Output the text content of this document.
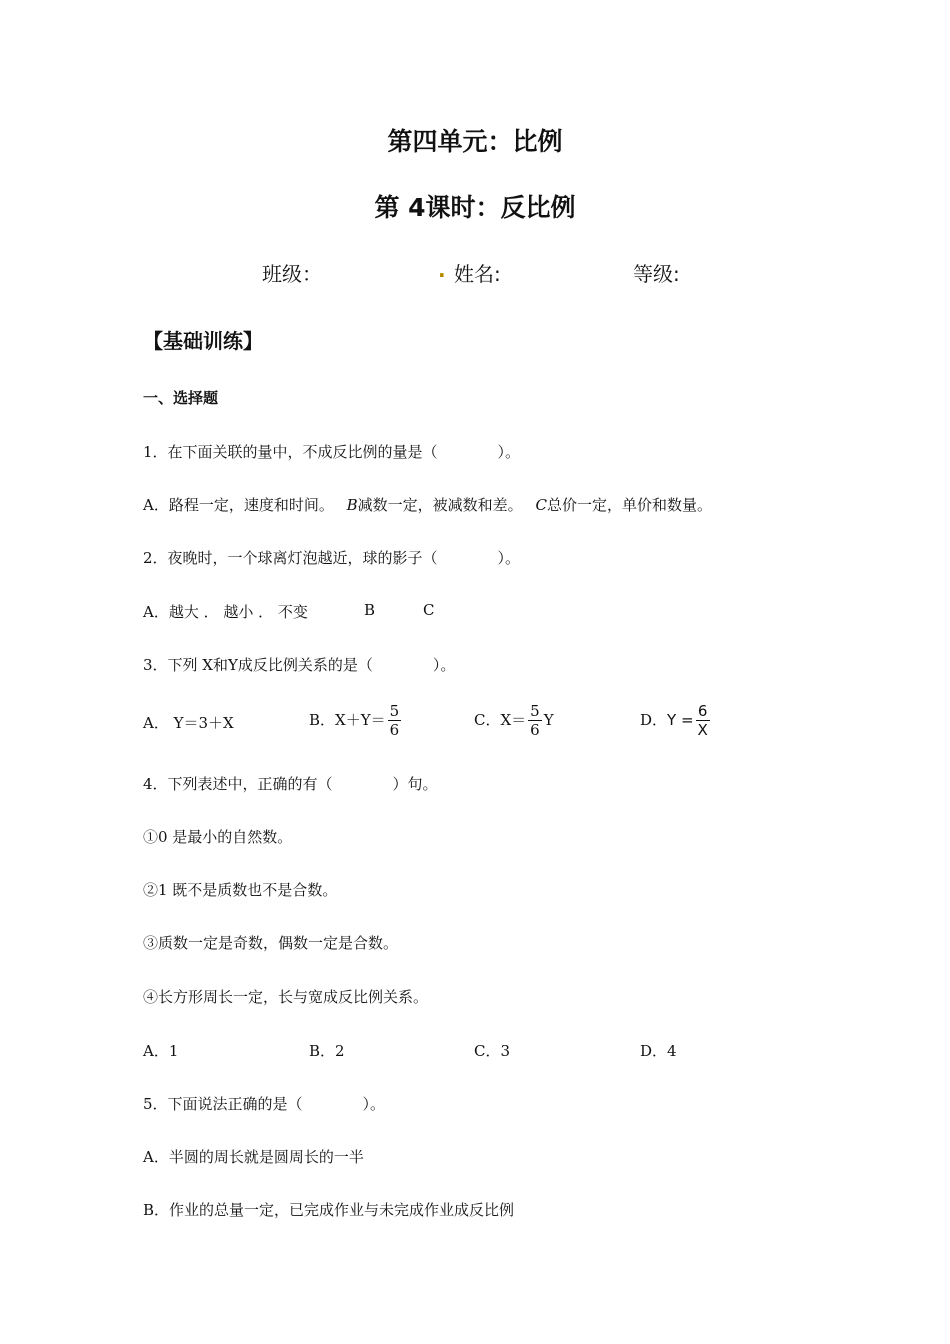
第四单元：比例
第 4课时：反比例
班级：	. 姓名:	等级:
【基础训练】
一、选择题
1．在下面关联的量中，不成反比例的量是（　　　　）。
A．路程一定，速度和时间。 B减数一定，被减数和差。 C总价一定，单价和数量。
2．夜晚时，一个球离灯泡越近，球的影子（　　　　）。
A．越大 ． 越小 ． 不变	B	C
3．下列 X和Y成反比例关系的是（　　　　）。
A． Y＝3＋X	B．$X+Y= \frac{5}{6}$	C．$X= \frac{5}{6}$ Y	D．$Y = \frac{6}{X}$
4．下列表述中，正确的有（　　　　）句。
①0 是最小的自然数。
②1 既不是质数也不是合数。
③质数一定是奇数，偶数一定是合数。
④长方形周长一定，长与宽成反比例关系。
A．1	B．2	C．3	D．4
5．下面说法正确的是（　　　　）。
A．半圆的周长就是圆周长的一半
B．作业的总量一定，已完成作业与未完成作业成反比例
